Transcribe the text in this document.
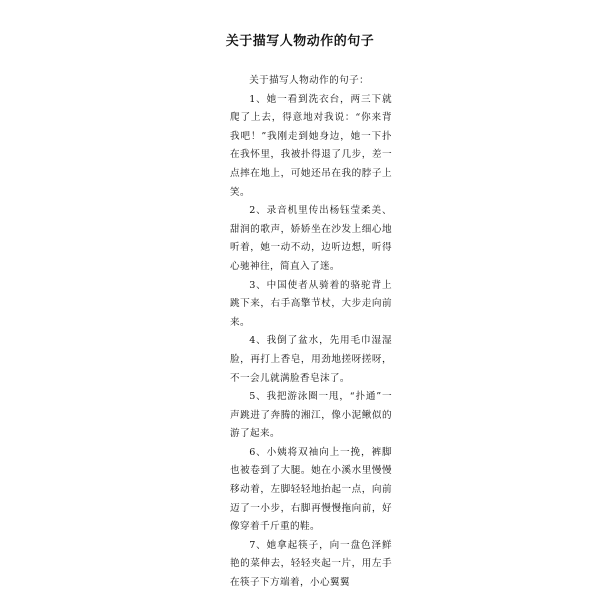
关于描写人物动作的句子

关于描写人物动作的句子：

1、她一看到洗衣台，两三下就爬了上去，得意地对我说：“你来背我吧！”我刚走到她身边，她一下扑在我怀里，我被扑得退了几步，差一点摔在地上，可她还吊在我的脖子上笑。

2、录音机里传出杨钰莹柔美、甜润的歌声，娇娇坐在沙发上细心地听着，她一动不动，边听边想，听得心驰神往，简直入了迷。

3、中国使者从骑着的骆驼背上跳下来，右手高擎节杖，大步走向前来。

4、我倒了盆水，先用毛巾湿湿脸，再打上香皂，用劲地搓呀搓呀，不一会儿就满脸香皂沫了。

5、我把游泳圈一甩，“扑通”一声跳进了奔腾的湘江，像小泥鳅似的游了起来。

6、小姨将双袖向上一挽，裤脚也被卷到了大腿。她在小溪水里慢慢移动着，左脚轻轻地抬起一点，向前迈了一小步，右脚再慢慢拖向前，好像穿着千斤重的鞋。

7、她拿起筷子，向一盘色泽鲜艳的菜伸去，轻轻夹起一片，用左手在筷子下方端着，小心翼翼
